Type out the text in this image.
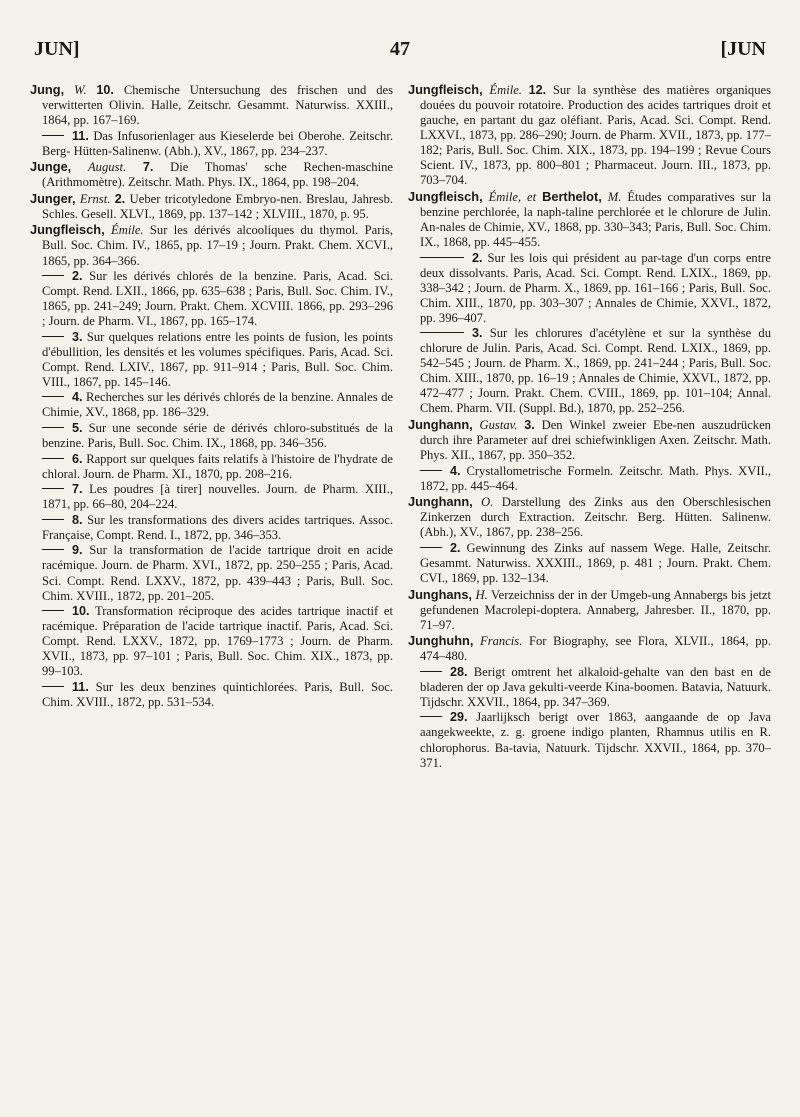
JUN]	47	[JUN

Jung, W. 10. Chemische Untersuchung des frischen und des verwitterten Olivin. Halle, Zeitschr. Gesammt. Naturwiss. XXIII., 1864, pp. 167–169.

11. Das Infusorienlager aus Kieselerde bei Oberohe. Zeitschr. Berg- Hütten-Salinenw. (Abh.), XV., 1867, pp. 234–237.

Junge, August. 7. Die Thomas' sche Rechen-maschine (Arithmomètre). Zeitschr. Math. Phys. IX., 1864, pp. 198–204.

Junger, Ernst. 2. Ueber tricotyledone Embryo-nen. Breslau, Jahresb. Schles. Gesell. XLVI., 1869, pp. 137–142 ; XLVIII., 1870, p. 95.

Jungfleisch, Émile. Sur les dérivés alcooliques du thymol. Paris, Bull. Soc. Chim. IV., 1865, pp. 17–19 ; Journ. Prakt. Chem. XCVI., 1865, pp. 364–366.

2. Sur les dérivés chlorés de la benzine. Paris, Acad. Sci. Compt. Rend. LXII., 1866, pp. 635–638 ; Paris, Bull. Soc. Chim. IV., 1865, pp. 241–249; Journ. Prakt. Chem. XCVIII. 1866, pp. 293–296 ; Journ. de Pharm. VI., 1867, pp. 165–174.

3. Sur quelques relations entre les points de fusion, les points d'ébullition, les densités et les volumes spécifiques. Paris, Acad. Sci. Compt. Rend. LXIV., 1867, pp. 911–914 ; Paris, Bull. Soc. Chim. VIII., 1867, pp. 145–146.

4. Recherches sur les dérivés chlorés de la benzine. Annales de Chimie, XV., 1868, pp. 186–329.

5. Sur une seconde série de dérivés chloro-substitués de la benzine. Paris, Bull. Soc. Chim. IX., 1868, pp. 346–356.

6. Rapport sur quelques faits relatifs à l'histoire de l'hydrate de chloral. Journ. de Pharm. XI., 1870, pp. 208–216.

7. Les poudres [à tirer] nouvelles. Journ. de Pharm. XIII., 1871, pp. 66–80, 204–224.

8. Sur les transformations des divers acides tartriques. Assoc. Française, Compt. Rend. I., 1872, pp. 346–353.

9. Sur la transformation de l'acide tartrique droit en acide racémique. Journ. de Pharm. XVI., 1872, pp. 250–255 ; Paris, Acad. Sci. Compt. Rend. LXXV., 1872, pp. 439–443 ; Paris, Bull. Soc. Chim. XVIII., 1872, pp. 201–205.

10. Transformation réciproque des acides tartrique inactif et racémique. Préparation de l'acide tartrique inactif. Paris, Acad. Sci. Compt. Rend. LXXV., 1872, pp. 1769–1773 ; Journ. de Pharm. XVII., 1873, pp. 97–101 ; Paris, Bull. Soc. Chim. XIX., 1873, pp. 99–103.

11. Sur les deux benzines quintichlorées. Paris, Bull. Soc. Chim. XVIII., 1872, pp. 531–534.

Jungfleisch, Émile. 12. Sur la synthèse des matières organiques douées du pouvoir rotatoire. Production des acides tartriques droit et gauche, en partant du gaz oléfiant. Paris, Acad. Sci. Compt. Rend. LXXVI., 1873, pp. 286–290; Journ. de Pharm. XVII., 1873, pp. 177–182; Paris, Bull. Soc. Chim. XIX., 1873, pp. 194–199 ; Revue Cours Scient. IV., 1873, pp. 800–801 ; Pharmaceut. Journ. III., 1873, pp. 703–704.

Jungfleisch, Émile, et Berthelot, M. Études comparatives sur la benzine perchlorée, la naph-taline perchlorée et le chlorure de Julin. An-nales de Chimie, XV., 1868, pp. 330–343; Paris, Bull. Soc. Chim. IX., 1868, pp. 445–455.

2. Sur les lois qui président au par-tage d'un corps entre deux dissolvants. Paris, Acad. Sci. Compt. Rend. LXIX., 1869, pp. 338–342 ; Journ. de Pharm. X., 1869, pp. 161–166 ; Paris, Bull. Soc. Chim. XIII., 1870, pp. 303–307 ; Annales de Chimie, XXVI., 1872, pp. 396–407.

3. Sur les chlorures d'acétylène et sur la synthèse du chlorure de Julin. Paris, Acad. Sci. Compt. Rend. LXIX., 1869, pp. 542–545 ; Journ. de Pharm. X., 1869, pp. 241–244 ; Paris, Bull. Soc. Chim. XIII., 1870, pp. 16–19 ; Annales de Chimie, XXVI., 1872, pp. 472–477 ; Journ. Prakt. Chem. CVIII., 1869, pp. 101–104; Annal. Chem. Pharm. VII. (Suppl. Bd.), 1870, pp. 252–256.

Junghann, Gustav. 3. Den Winkel zweier Ebe-nen auszudrücken durch ihre Parameter auf drei schiefwinkligen Axen. Zeitschr. Math. Phys. XII., 1867, pp. 350–352.

4. Crystallometrische Formeln. Zeitschr. Math. Phys. XVII., 1872, pp. 445–464.

Junghann, O. Darstellung des Zinks aus den Oberschlesischen Zinkerzen durch Extraction. Zeitschr. Berg. Hütten. Salinenw. (Abh.), XV., 1867, pp. 238–256.

2. Gewinnung des Zinks auf nassem Wege. Halle, Zeitschr. Gesammt. Naturwiss. XXXIII., 1869, p. 481 ; Journ. Prakt. Chem. CVI., 1869, pp. 132–134.

Junghans, H. Verzeichniss der in der Umgeb-ung Annabergs bis jetzt gefundenen Macrolepi-doptera. Annaberg, Jahresber. II., 1870, pp. 71–97.

Junghuhn, Francis. For Biography, see Flora, XLVII., 1864, pp. 474–480.

28. Berigt omtrent het alkaloid-gehalte van den bast en de bladeren der op Java gekulti-veerde Kina-boomen. Batavia, Natuurk. Tijdschr. XXVII., 1864, pp. 347–369.

29. Jaarlijksch berigt over 1863, aangaande de op Java aangekweekte, z. g. groene indigo planten, Rhamnus utilis en R. chlorophorus. Ba-tavia, Natuurk. Tijdschr. XXVII., 1864, pp. 370–371.
